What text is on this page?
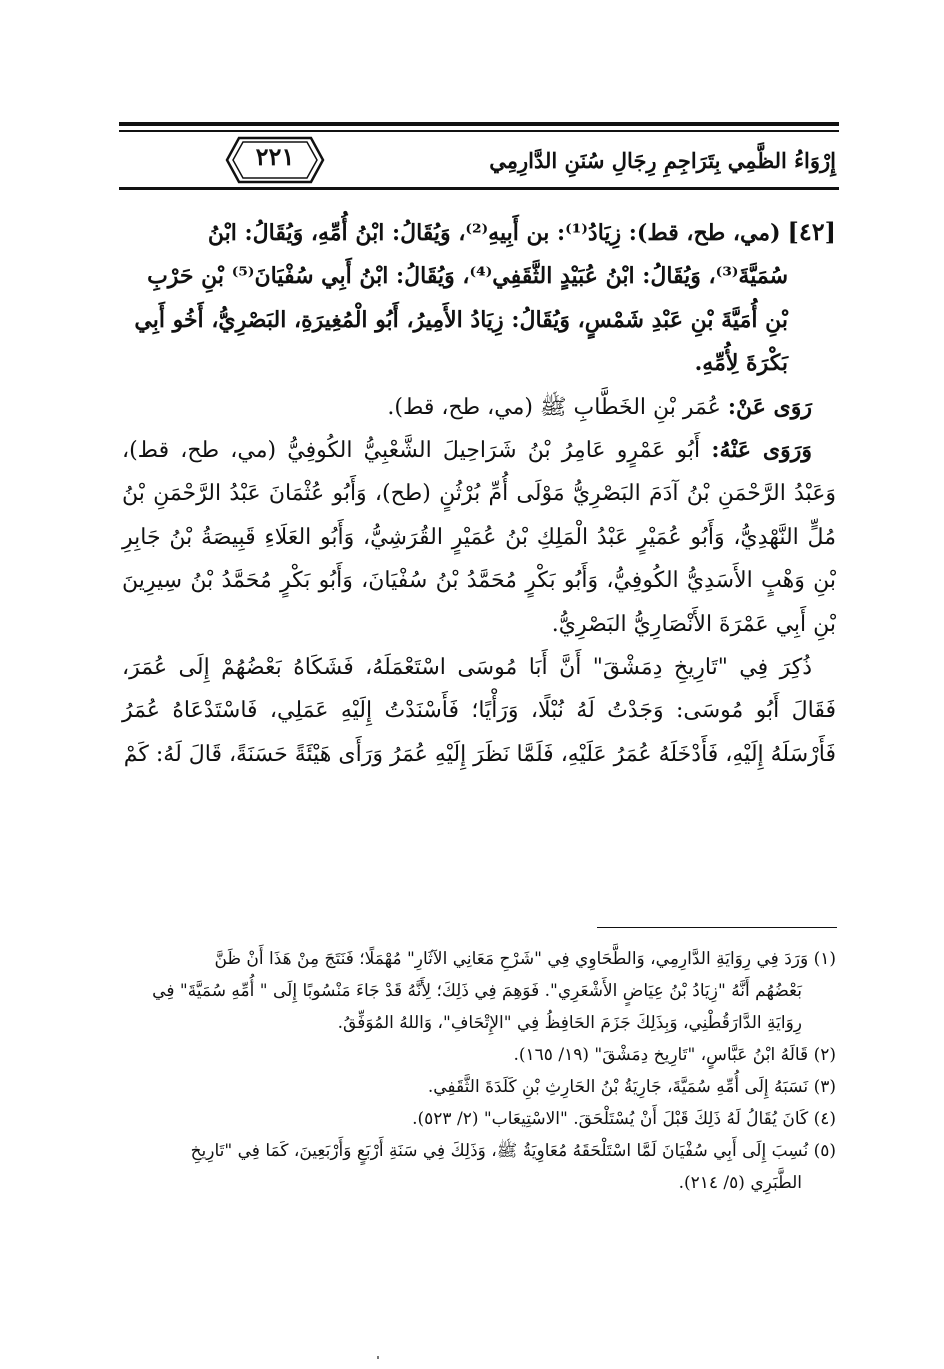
٢٢١	إِرْوَاءُ الظَّمِي بِتَرَاجِمِ رِجَالِ سُنَنِ الدَّارِمِي

[٤٢] (مي، طح، قط): زِيَادُ⁽¹⁾: بن أَبِيهِ⁽²⁾، وَيُقَالُ: ابْنُ أُمِّهِ، وَيُقَالُ: ابْنُ

سُمَيَّةَ⁽³⁾، وَيُقَالُ: ابْنُ عُبَيْدٍ الثَّقَفِي⁽⁴⁾، وَيُقَالُ: ابْنُ أَبِي سُفْيَانَ⁽⁵⁾ بْنِ حَرْبِ

بْنِ أُمَيَّةَ بْنِ عَبْدِ شَمْسٍ، وَيُقَالُ: زِيَادُ الأَمِيرُ، أَبُو الْمُغِيرَةِ، البَصْرِيُّ، أَخُو أَبِي

بَكْرَةَ لِأُمِّهِ.

رَوَى عَنْ: عُمَر بْنِ الخَطَّابِ ﷺ (مي، طح، قط).

وَرَوَى عَنْهُ: أَبُو عَمْرٍو عَامِرُ بْنُ شَرَاحِيلَ الشَّعْبِيُّ الكُوفِيُّ (مي، طح، قط)، وَعَبْدُ الرَّحْمَنِ بْنُ آدَمَ البَصْرِيُّ مَوْلَى أُمِّ بُرْثُنٍ (طح)، وَأَبُو عُثْمَانَ عَبْدُ الرَّحْمَنِ بْنُ مُلٍّ النَّهْدِيُّ، وَأَبُو عُمَيْرٍ عَبْدُ الْمَلِكِ بْنُ عُمَيْرٍ القُرَشِيُّ، وَأَبُو العَلَاءِ قَبِيصَةُ بْنُ جَابِرِ بْنِ وَهْبٍ الأَسَدِيُّ الكُوفِيُّ، وَأَبُو بَكْرٍ مُحَمَّدُ بْنُ سُفْيَانَ، وَأَبُو بَكْرٍ مُحَمَّدُ بْنُ سِيرِينَ بْنِ أَبِي عَمْرَةَ الأَنْصَارِيُّ البَصْرِيُّ.

ذُكِرَ فِي "تَارِيخِ دِمَشْقَ" أَنَّ أَبَا مُوسَى اسْتَعْمَلَهُ، فَشَكَاهُ بَعْضُهُمْ إِلَى عُمَرَ، فَقَالَ أَبُو مُوسَى: وَجَدْتُ لَهُ نُبْلًا، وَرَأْيًا؛ فَأَسْنَدْتُ إِلَيْهِ عَمَلِي، فَاسْتَدْعَاهُ عُمَرُ فَأَرْسَلَهُ إِلَيْهِ، فَأَدْخَلَهُ عُمَرُ عَلَيْهِ، فَلَمَّا نَظَرَ إِلَيْهِ عُمَرُ وَرَأَى هَيْئَةً حَسَنَةً، قَالَ لَهُ: كَمْ

(١) وَرَدَ فِي رِوَايَةِ الدَّارِمِي، وَالطَّحَاوِي فِي "شَرْحِ مَعَانِي الآثَارِ" مُهْمَلًا؛ فَنَتَجَ مِنْ هَذَا أَنْ ظَنَّ

بَعْضُهُم أَنَّهُ "زِيَادُ بْنُ عِيَاضٍ الأَشْعَرِي". فَوَهِمَ فِي ذَلِكَ؛ لِأَنَّهُ قَدْ جَاءَ مَنْسُوبًا إِلَى " أُمِّهِ سُمَيَّةَ" فِي

رِوَايَةِ الدَّارَقُطْنِي، وَبِذَلِكَ جَزَمَ الحَافِظُ فِي "الإِتْحَافِ"، وَاللهُ المُوَفِّقُ.

(٢) قَالَهُ ابْنُ عَبَّاسٍ، "تَارِيخ دِمَشْقَ" (١٩/ ١٦٥).

(٣) نَسَبَهُ إِلَى أُمِّهِ سُمَيَّةَ، جَارِيَةُ بْنُ الحَارِثِ بْنِ كَلَدَةَ الثَّقَفِي.

(٤) كَانَ يُقَالُ لَهُ ذَلِكَ قَبْلَ أَنْ يُسْتَلْحَقَ. "الاسْتِيعَاب" (٢/ ٥٢٣).

(٥) نُسِبَ إِلَى أَبِي سُفْيَانَ لَمَّا اسْتَلْحَقَهُ مُعَاوِيَةُ ﷺ، وَذَلِكَ فِي سَنَةِ أَرْبَعٍ وَأَرْبَعِينَ، كَمَا فِي "تَارِيخِ

الطَّبَرِي (٥/ ٢١٤).
